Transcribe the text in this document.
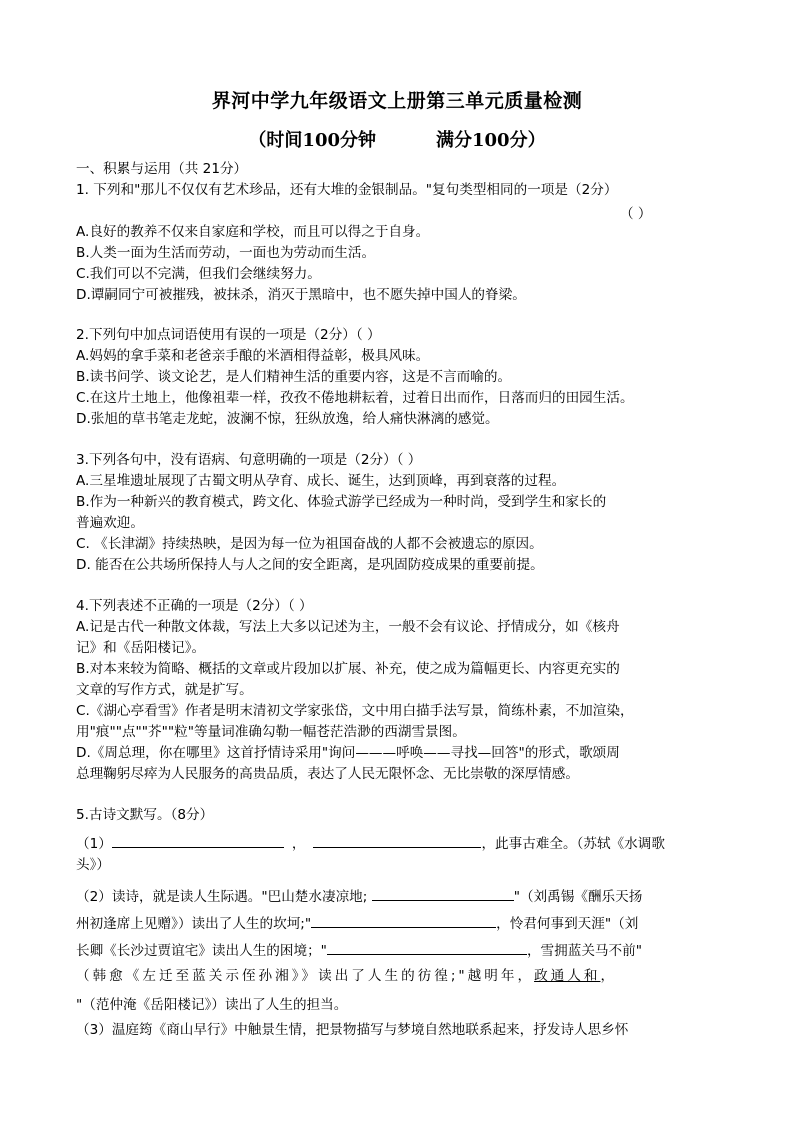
界河中学九年级语文上册第三单元质量检测
（时间100分钟	满分100分）
一、积累与运用（共 21分）
1. 下列和"那儿不仅仅有艺术珍品，还有大堆的金银制品。"复句类型相同的一项是（2分）
（ ）
A.良好的教养不仅来自家庭和学校，而且可以得之于自身。
B.人类一面为生活而劳动，一面也为劳动而生活。
C.我们可以不完满，但我们会继续努力。
D.谭嗣同宁可被摧残，被抹杀，消灭于黑暗中，也不愿失掉中国人的脊梁。
2.下列句中加点词语使用有误的一项是（2分）（ ）
A.妈妈的拿手菜和老爸亲手酿的米酒相得益彰，极具风味。
B.读书问学、谈文论艺，是人们精神生活的重要内容，这是不言而喻的。
C.在这片土地上，他像祖辈一样，孜孜不倦地耕耘着，过着日出而作，日落而归的田园生活。
D.张旭的草书笔走龙蛇，波澜不惊，狂纵放逸，给人痛快淋漓的感觉。
3.下列各句中，没有语病、句意明确的一项是（2分）（ ）
A.三星堆遗址展现了古蜀文明从孕育、成长、诞生，达到顶峰，再到衰落的过程。
B.作为一种新兴的教育模式，跨文化、体验式游学已经成为一种时尚，受到学生和家长的
普遍欢迎。
C. 《长津湖》持续热映，是因为每一位为祖国奋战的人都不会被遗忘的原因。
D. 能否在公共场所保持人与人之间的安全距离，是巩固防疫成果的重要前提。
4.下列表述不正确的一项是（2分）（ ）
A.记是古代一种散文体裁，写法上大多以记述为主，一般不会有议论、抒情成分，如《核舟
记》和《岳阳楼记》。
B.对本来较为简略、概括的文章或片段加以扩展、补充，使之成为篇幅更长、内容更充实的
文章的写作方式，就是扩写。
C.《湖心亭看雪》作者是明末清初文学家张岱，文中用白描手法写景，简练朴素，不加渲染，
用"痕""点""芥""粒"等量词准确勾勒一幅苍茫浩渺的西湖雪景图。
D.《周总理，你在哪里》这首抒情诗采用"询问———呼唤——寻找—回答"的形式，歌颂周
总理鞠躬尽瘁为人民服务的高贵品质，表达了人民无限怀念、无比崇敬的深厚情感。
5.古诗文默写。（8分）
（1）	，	，此事古难全。（苏轼《水调歌
头》）
（2）读诗，就是读人生际遇。"巴山楚水凄凉地;	"（刘禹锡《酬乐天扬
州初逢席上见赠》）读出了人生的坎坷;"	，怜君何事到天涯"（刘
长卿《长沙过贾谊宅》读出人生的困境；"	，雪拥蓝关马不前"
（韩愈《左迁至蓝关示侄孙湘》》读出了人生的彷徨;"越明年，政通人和，
"（范仲淹《岳阳楼记》）读出了人生的担当。
（3）温庭筠《商山早行》中触景生情，把景物描写与梦境自然地联系起来，抒发诗人思乡怀
